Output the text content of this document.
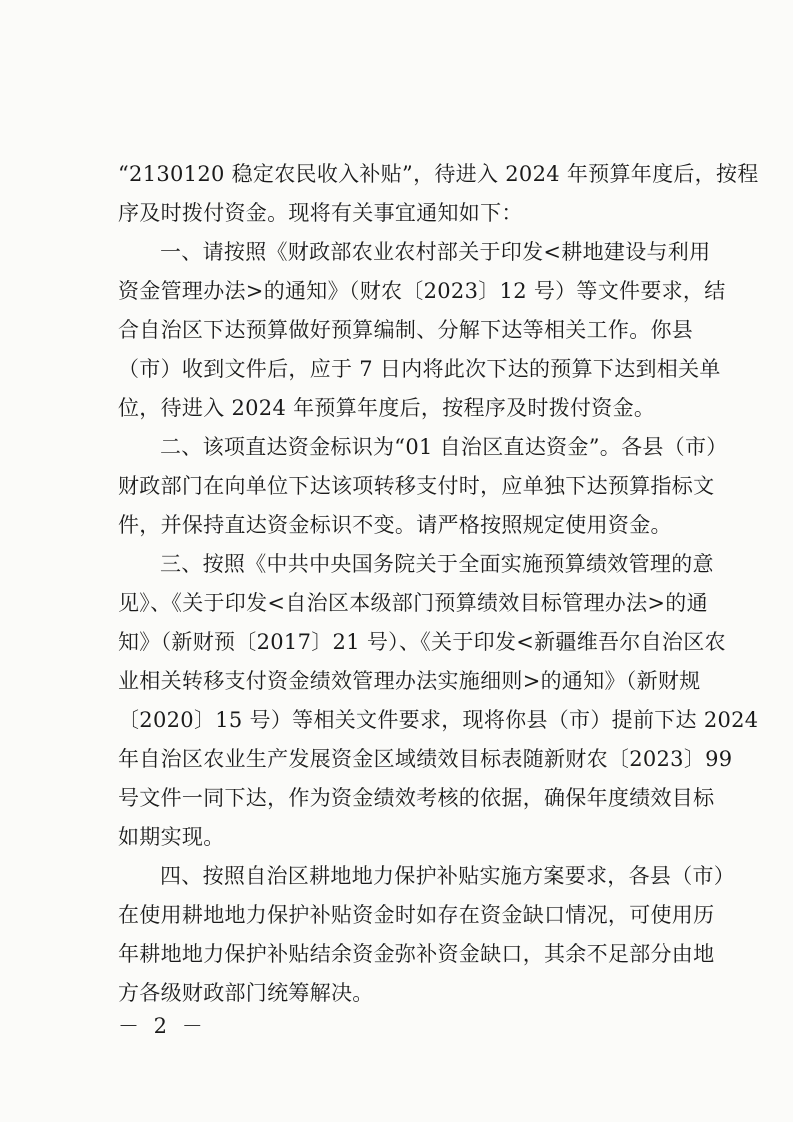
“2130120 稳定农民收入补贴”，待进入 2024 年预算年度后，按程
序及时拨付资金。现将有关事宜通知如下：
一、请按照《财政部农业农村部关于印发<耕地建设与利用
资金管理办法>的通知》（财农〔2023〕12 号）等文件要求，结
合自治区下达预算做好预算编制、分解下达等相关工作。你县
（市）收到文件后，应于 7 日内将此次下达的预算下达到相关单
位，待进入 2024 年预算年度后，按程序及时拨付资金。
二、该项直达资金标识为“01 自治区直达资金”。各县（市）
财政部门在向单位下达该项转移支付时，应单独下达预算指标文
件，并保持直达资金标识不变。请严格按照规定使用资金。
三、按照《中共中央国务院关于全面实施预算绩效管理的意
见》、《关于印发<自治区本级部门预算绩效目标管理办法>的通
知》（新财预〔2017〕21 号）、《关于印发<新疆维吾尔自治区农
业相关转移支付资金绩效管理办法实施细则>的通知》（新财规
〔2020〕15 号）等相关文件要求，现将你县（市）提前下达 2024
年自治区农业生产发展资金区域绩效目标表随新财农〔2023〕99
号文件一同下达，作为资金绩效考核的依据，确保年度绩效目标
如期实现。
四、按照自治区耕地地力保护补贴实施方案要求，各县（市）
在使用耕地地力保护补贴资金时如存在资金缺口情况，可使用历
年耕地地力保护补贴结余资金弥补资金缺口，其余不足部分由地
方各级财政部门统筹解决。
－ 2 －
